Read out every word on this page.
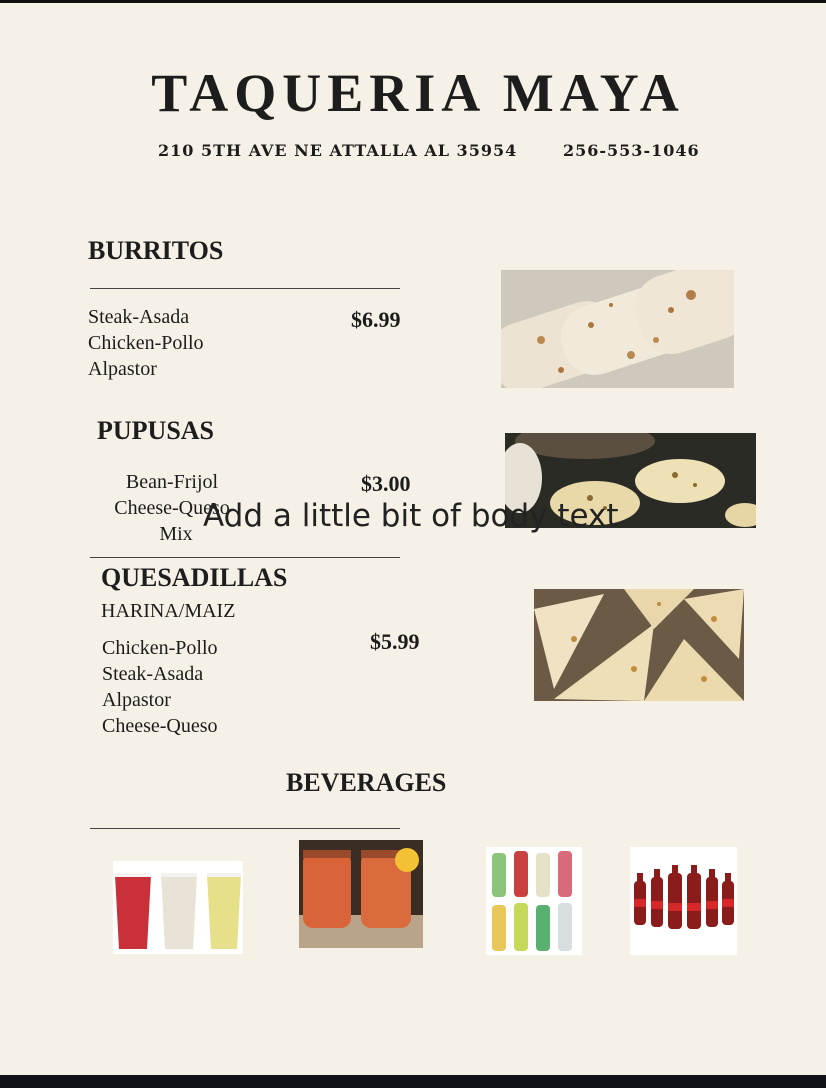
TAQUERIA MAYA
210 5TH AVE NE ATTALLA AL 35954	256-553-1046
BURRITOS
Steak-Asada
Chicken-Pollo
Alpastor
$6.99
PUPUSAS
Bean-Frijol
Cheese-Queso
Mix
$3.00
Add a little bit of body text
QUESADILLAS
HARINA/MAIZ
Chicken-Pollo
Steak-Asada
Alpastor
Cheese-Queso
$5.99
BEVERAGES
